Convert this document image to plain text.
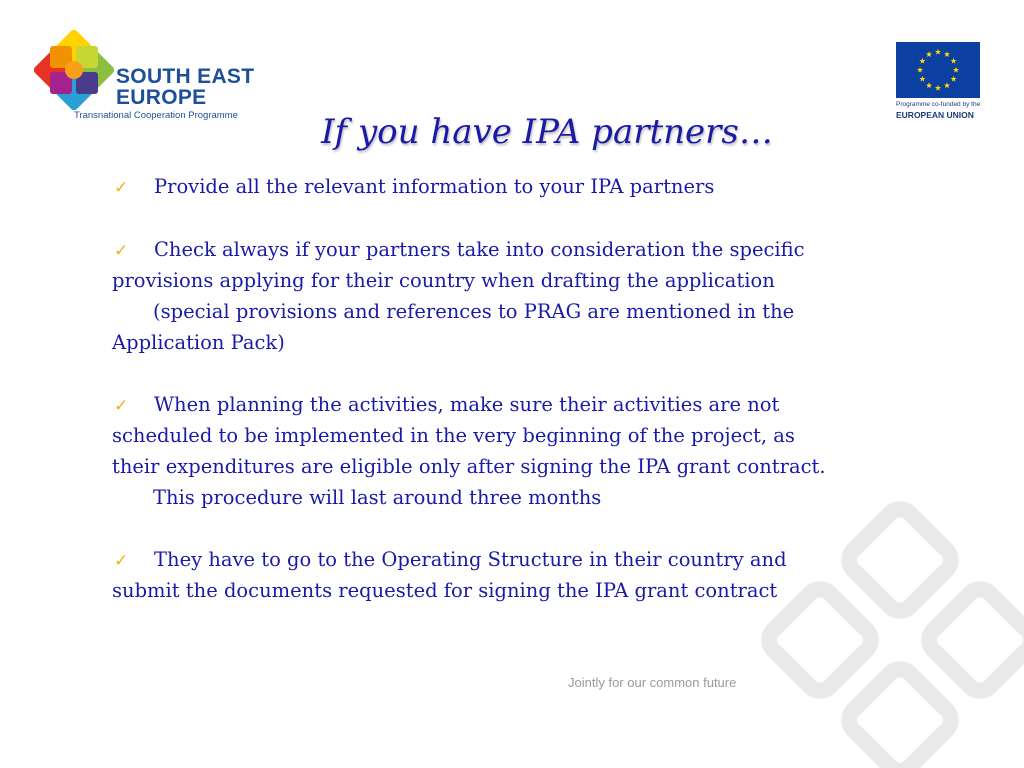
SOUTH EAST
EUROPE
Transnational Cooperation Programme
Programme co-funded by the
EUROPEAN UNION
If you have IPA partners…
✓ Provide all the relevant information to your IPA partners
✓ Check always if your partners take into consideration the specific
provisions applying for their country when drafting the application
(special provisions and references to PRAG are mentioned in the
Application Pack)
✓ When planning the activities, make sure their activities are not
scheduled to be implemented in the very beginning of the project, as
their expenditures are eligible only after signing the IPA grant contract.
This procedure will last around three months
✓ They have to go to the Operating Structure in their country and
submit the documents requested for signing the IPA grant contract
Jointly for our common future
